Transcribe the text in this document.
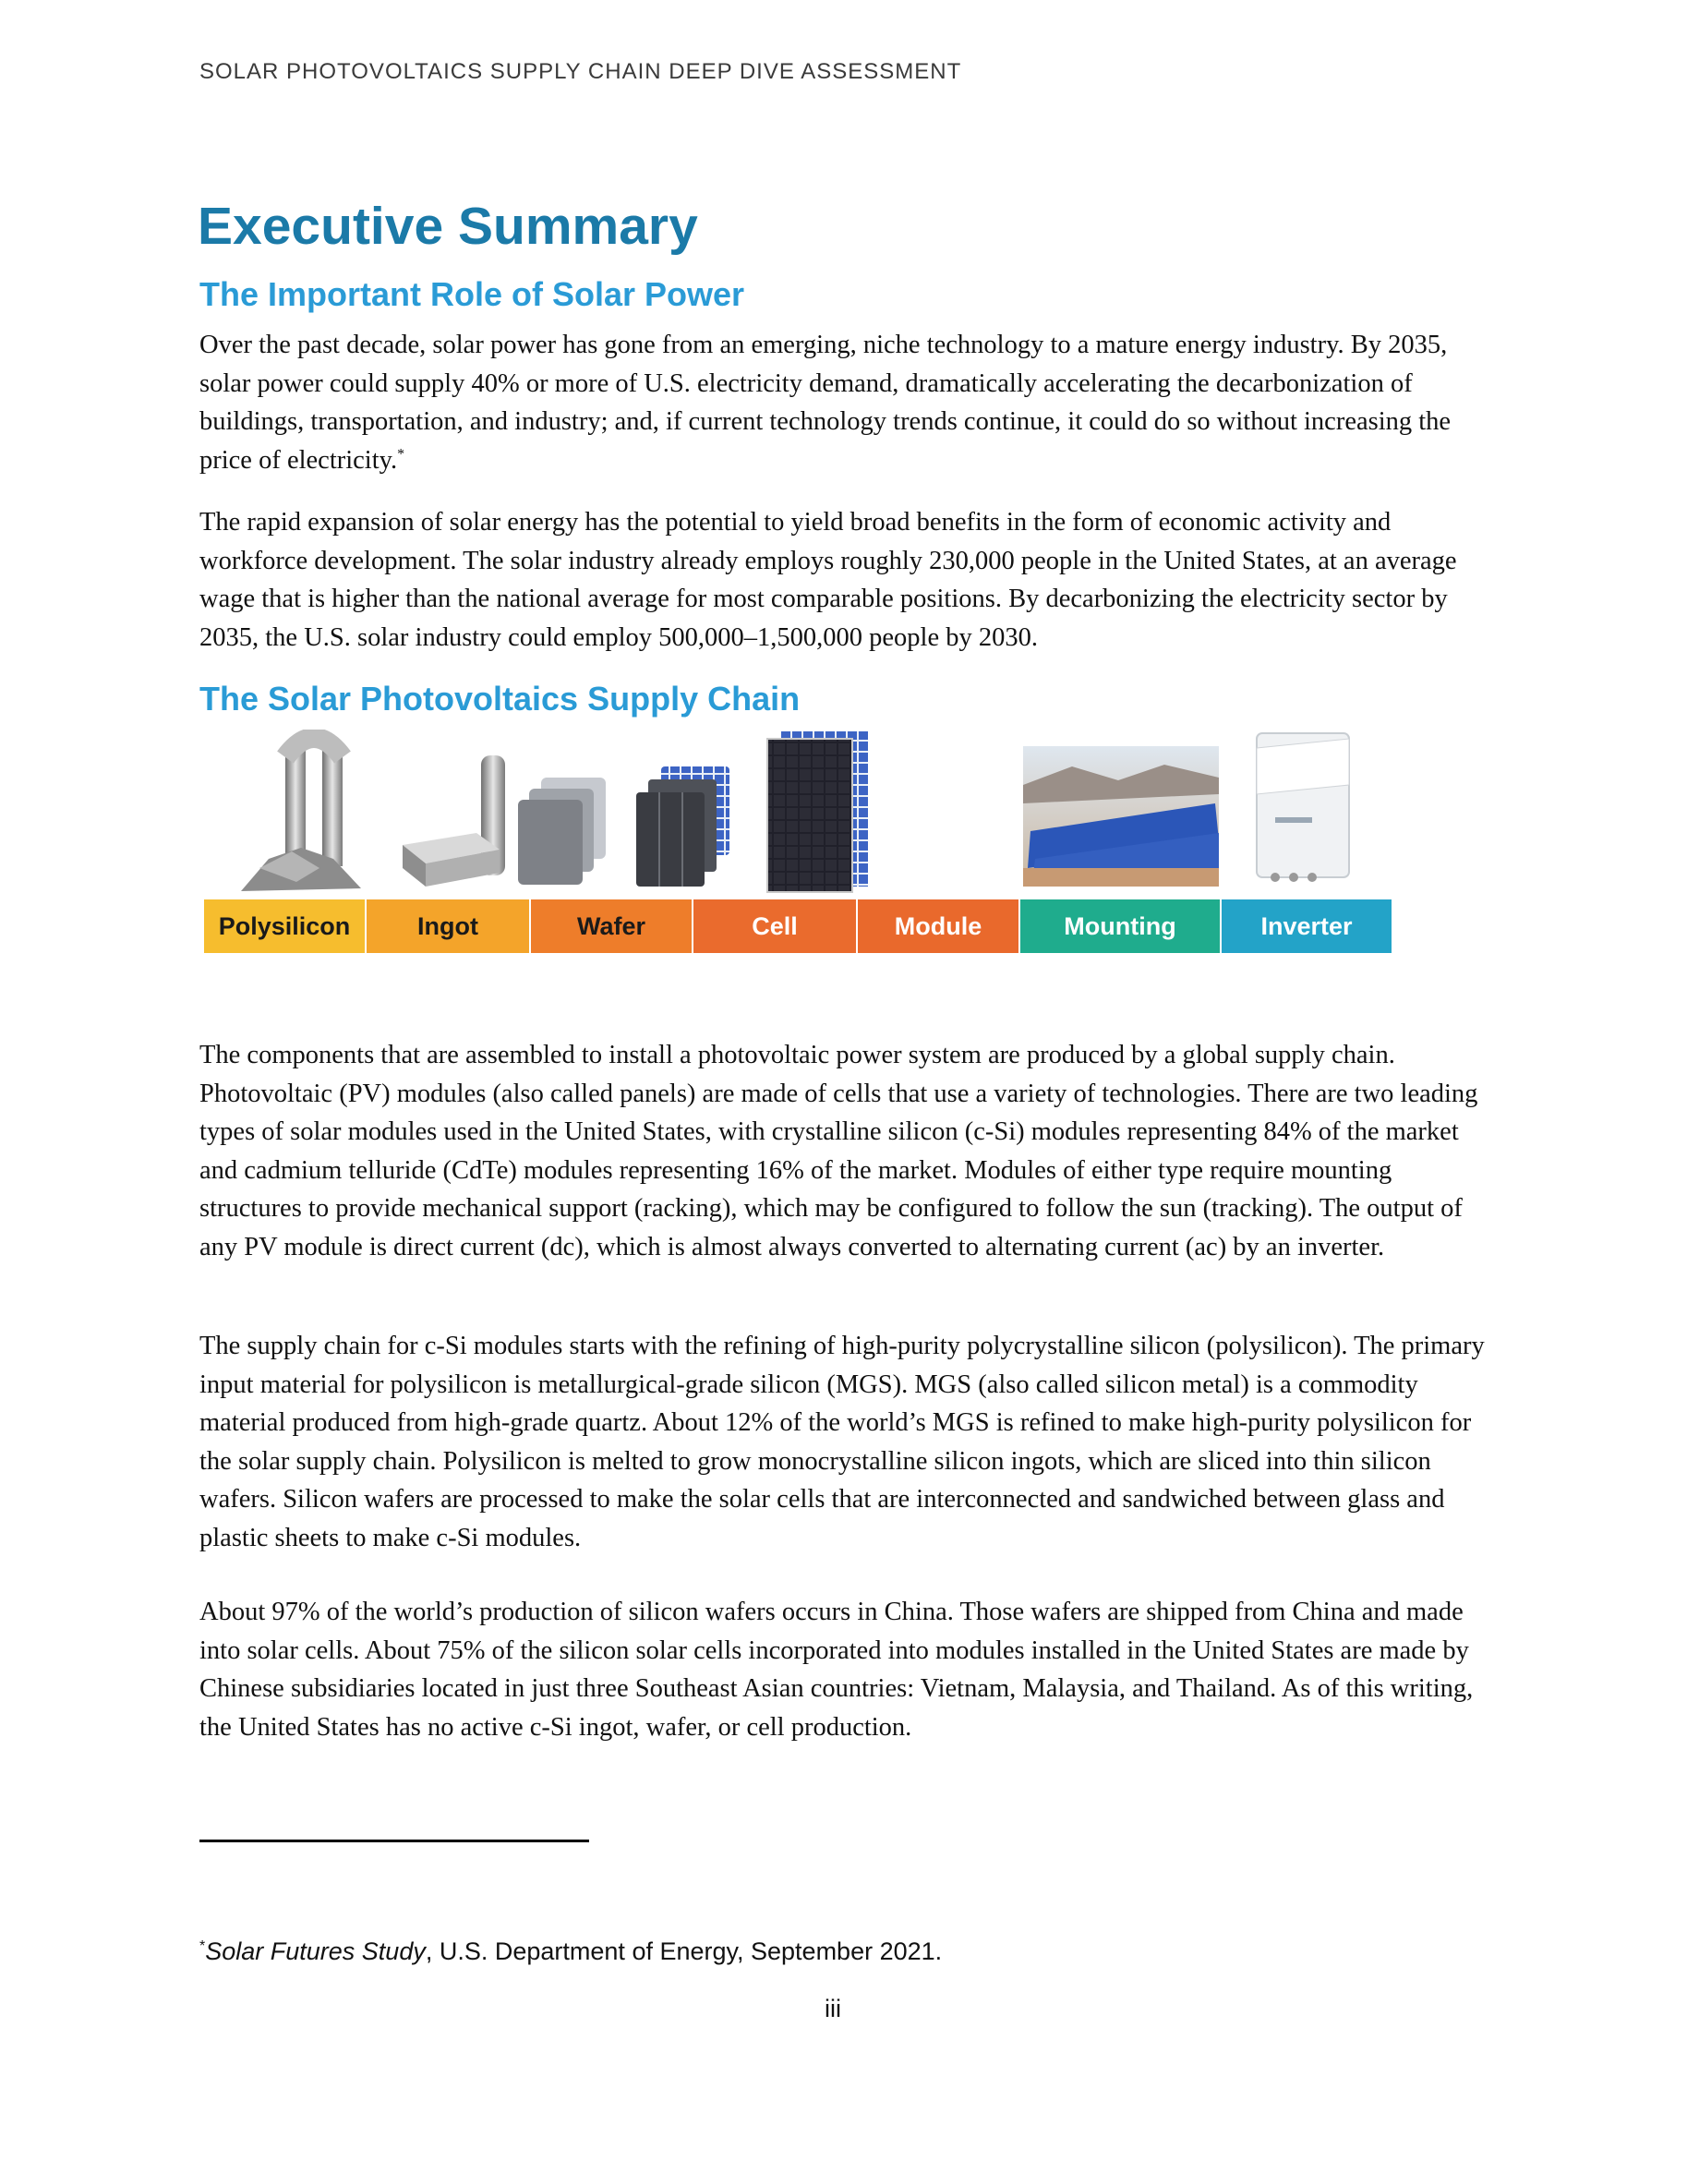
SOLAR PHOTOVOLTAICS SUPPLY CHAIN DEEP DIVE ASSESSMENT
Executive Summary
The Important Role of Solar Power

Over the past decade, solar power has gone from an emerging, niche technology to a mature energy industry. By 2035, solar power could supply 40% or more of U.S. electricity demand, dramatically accelerating the decarbonization of buildings, transportation, and industry; and, if current technology trends continue, it could do so without increasing the price of electricity.*

The rapid expansion of solar energy has the potential to yield broad benefits in the form of economic activity and workforce development. The solar industry already employs roughly 230,000 people in the United States, at an average wage that is higher than the national average for most comparable positions. By decarbonizing the electricity sector by 2035, the U.S. solar industry could employ 500,000–1,500,000 people by 2030.

The Solar Photovoltaics Supply Chain
Polysilicon	Ingot	Wafer	Cell	Module	Mounting	Inverter

The components that are assembled to install a photovoltaic power system are produced by a global supply chain. Photovoltaic (PV) modules (also called panels) are made of cells that use a variety of technologies. There are two leading types of solar modules used in the United States, with crystalline silicon (c-Si) modules representing 84% of the market and cadmium telluride (CdTe) modules representing 16% of the market. Modules of either type require mounting structures to provide mechanical support (racking), which may be configured to follow the sun (tracking). The output of any PV module is direct current (dc), which is almost always converted to alternating current (ac) by an inverter.

The supply chain for c-Si modules starts with the refining of high-purity polycrystalline silicon (polysilicon). The primary input material for polysilicon is metallurgical-grade silicon (MGS). MGS (also called silicon metal) is a commodity material produced from high-grade quartz. About 12% of the world’s MGS is refined to make high-purity polysilicon for the solar supply chain. Polysilicon is melted to grow monocrystalline silicon ingots, which are sliced into thin silicon wafers. Silicon wafers are processed to make the solar cells that are interconnected and sandwiched between glass and plastic sheets to make c-Si modules.

About 97% of the world’s production of silicon wafers occurs in China. Those wafers are shipped from China and made into solar cells. About 75% of the silicon solar cells incorporated into modules installed in the United States are made by Chinese subsidiaries located in just three Southeast Asian countries: Vietnam, Malaysia, and Thailand. As of this writing, the United States has no active c-Si ingot, wafer, or cell production.

*Solar Futures Study, U.S. Department of Energy, September 2021.
iii
